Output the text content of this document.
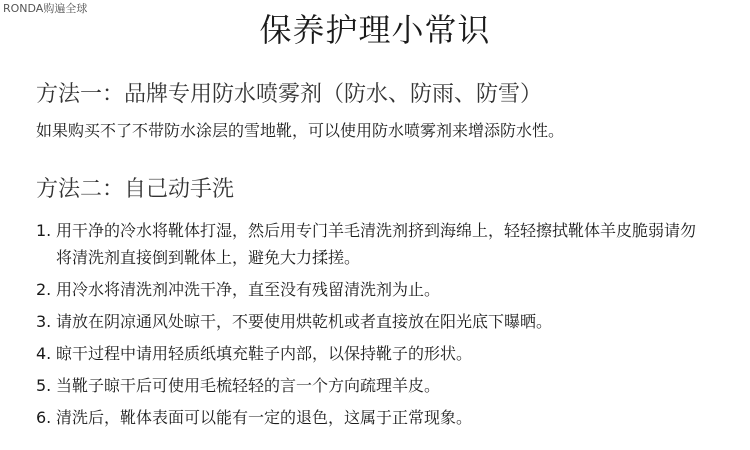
RONDA购遍全球
保养护理小常识
方法一：品牌专用防水喷雾剂（防水、防雨、防雪）
如果购买不了不带防水涂层的雪地靴，可以使用防水喷雾剂来增添防水性。
方法二：自己动手洗
1. 用干净的冷水将靴体打湿，然后用专门羊毛清洗剂挤到海绵上，轻轻擦拭靴体羊皮脆弱请勿将清洗剂直接倒到靴体上，避免大力揉搓。
2. 用冷水将清洗剂冲洗干净，直至没有残留清洗剂为止。
3. 请放在阴凉通风处晾干，不要使用烘乾机或者直接放在阳光底下曝晒。
4. 晾干过程中请用轻质纸填充鞋子内部，以保持靴子的形状。
5. 当靴子晾干后可使用毛梳轻轻的言一个方向疏理羊皮。
6. 清洗后，靴体表面可以能有一定的退色，这属于正常现象。
